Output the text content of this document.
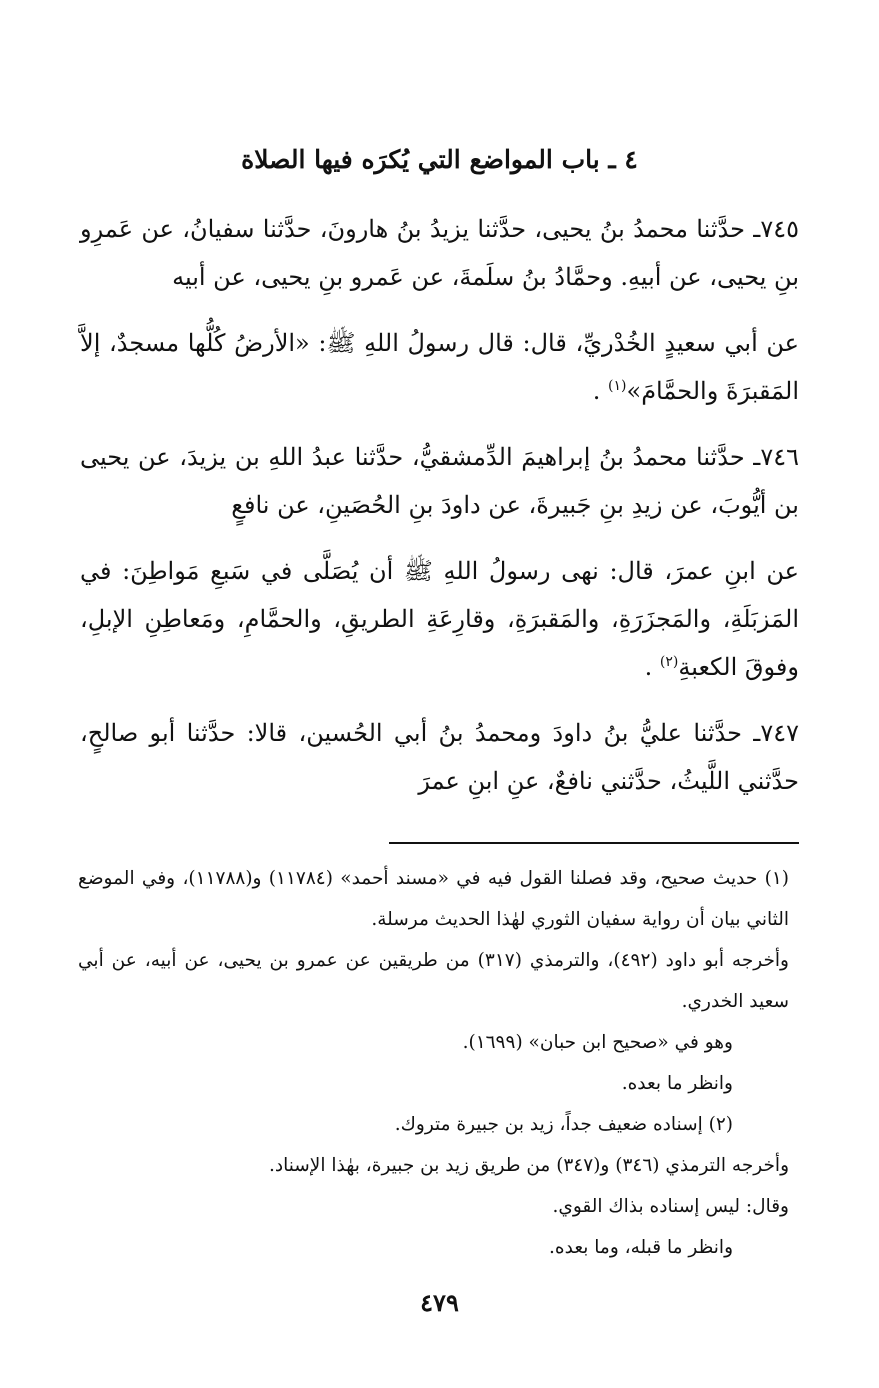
٤ ـ باب المواضع التي يُكرَه فيها الصلاة

٧٤٥ـ حدَّثنا محمدُ بنُ يحيى، حدَّثنا يزيدُ بنُ هارونَ، حدَّثنا سفيانُ، عن عَمرِو بنِ يحيى، عن أبيهِ. وحمَّادُ بنُ سلَمةَ، عن عَمرو بنِ يحيى، عن أبيه

عن أبي سعيدٍ الخُدْريِّ، قال: قال رسولُ اللهِ ﷺ: «الأرضُ كُلُّها مسجدٌ، إلاَّ المَقبرَةَ والحمَّامَ»$^{(١)}$ .

٧٤٦ـ حدَّثنا محمدُ بنُ إبراهيمَ الدِّمشقيُّ، حدَّثنا عبدُ اللهِ بن يزيدَ، عن يحيى بن أيُّوبَ، عن زيدِ بنِ جَبيرةَ، عن داودَ بنِ الحُصَينِ، عن نافعٍ

عن ابنِ عمرَ، قال: نهى رسولُ اللهِ ﷺ أن يُصَلَّى في سَبعِ مَواطِنَ: في المَزبَلَةِ، والمَجزَرَةِ، والمَقبرَةِ، وقارِعَةِ الطريقِ، والحمَّامِ، ومَعاطِنِ الإبلِ، وفوقَ الكعبةِ$^{(٢)}$ .

٧٤٧ـ حدَّثنا عليُّ بنُ داودَ ومحمدُ بنُ أبي الحُسين، قالا: حدَّثنا أبو صالحٍ، حدَّثني اللَّيثُ، حدَّثني نافعٌ، عنِ ابنِ عمرَ

(١) حديث صحيح، وقد فصلنا القول فيه في «مسند أحمد» (١١٧٨٤) و(١١٧٨٨)، وفي الموضع الثاني بيان أن رواية سفيان الثوري لهٰذا الحديث مرسلة.

وأخرجه أبو داود (٤٩٢)، والترمذي (٣١٧) من طريقين عن عمرو بن يحيى، عن أبيه، عن أبي سعيد الخدري.

وهو في «صحيح ابن حبان» (١٦٩٩).

وانظر ما بعده.

(٢) إسناده ضعيف جداً، زيد بن جبيرة متروك.

وأخرجه الترمذي (٣٤٦) و(٣٤٧) من طريق زيد بن جبيرة، بهٰذا الإسناد.

وقال: ليس إسناده بذاك القوي.

وانظر ما قبله، وما بعده.

٤٧٩
